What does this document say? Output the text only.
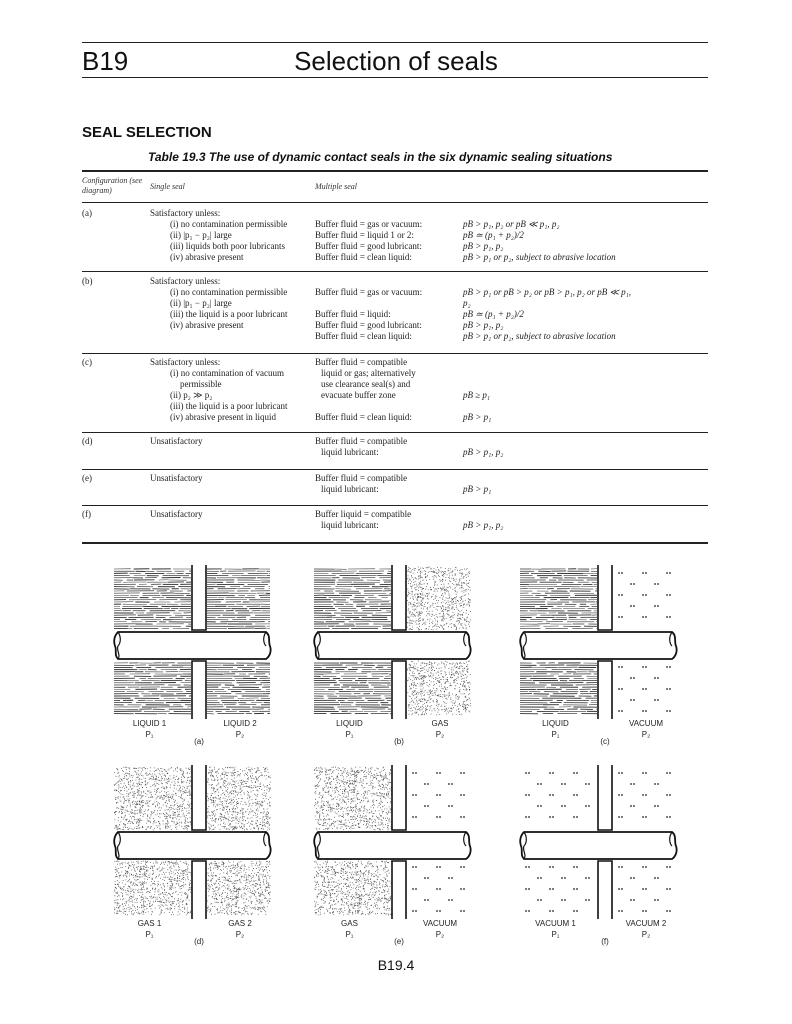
B19	Selection of seals
SEAL SELECTION
Table 19.3 The use of dynamic contact seals in the six dynamic sealing situations
Configuration (see diagram)	Single seal	Multiple seal
(a)	Satisfactory unless:
(i) no contamination permissible
(ii) |p₁ − p₂| large
(iii) liquids both poor lubricants
(iv) abrasive present
Buffer fluid = gas or vacuum:	pB > p₁, p₂ or pB ≪ p₁, p₂
Buffer fluid = liquid 1 or 2:	pB ≃ (p₁ + p₂)/2
Buffer fluid = good lubricant:	pB > p₁, p₂
Buffer fluid = clean liquid:	pB > p₁ or p₂, subject to abrasive location
(b)	Satisfactory unless:
(i) no contamination permissible
(ii) |p₁ − p₂| large
(iii) the liquid is a poor lubricant
(iv) abrasive present
Buffer fluid = gas or vacuum:	pB > p₁ or pB > p₂ or pB > p₁, p₂ or pB ≪ p₁,
p₂
Buffer fluid = liquid:	pB ≃ (p₁ + p₂)/2
Buffer fluid = good lubricant:	pB > p₁, p₂
Buffer fluid = clean liquid:	pB > p₁ or p₂, subject to abrasive location
(c)	Satisfactory unless:
(i) no contamination of vacuum
permissible
(ii) p₂ ≫ p₂
(iii) the liquid is a poor lubricant
(iv) abrasive present in liquid
Buffer fluid = compatible
liquid or gas; alternatively
use clearance seal(s) and
evacuate buffer zone	pB ≥ p₁
Buffer fluid = clean liquid:	pB > p₁
(d)	Unsatisfactory	Buffer fluid = compatible
liquid lubricant:	pB > p₁, p₂
(e)	Unsatisfactory	Buffer fluid = compatible
liquid lubricant:	pB > p₁
(f)	Unsatisfactory	Buffer liquid = compatible
liquid lubricant:	pB > p₁, p₂
LIQUID 1	LIQUID 2
P₁	P₂
(a)
LIQUID	GAS
P₁	P₂
(b)
LIQUID	VACUUM
P₁	P₂
(c)
GAS 1	GAS 2
P₁	P₂
(d)
GAS	VACUUM
P₁	P₂
(e)
VACUUM 1	VACUUM 2
P₁	P₂
(f)
B19.4
